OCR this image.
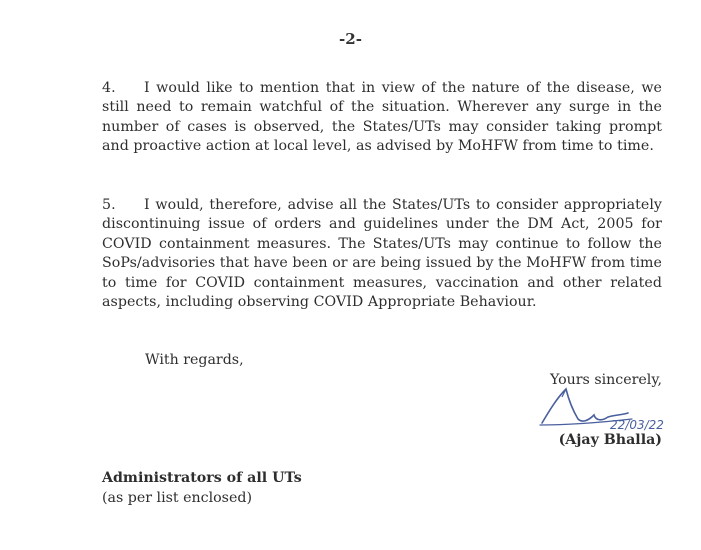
-2-
4. I would like to mention that in view of the nature of the disease, we still need to remain watchful of the situation. Wherever any surge in the number of cases is observed, the States/UTs may consider taking prompt and proactive action at local level, as advised by MoHFW from time to time.
5. I would, therefore, advise all the States/UTs to consider appropriately discontinuing issue of orders and guidelines under the DM Act, 2005 for COVID containment measures. The States/UTs may continue to follow the SoPs/advisories that have been or are being issued by the MoHFW from time to time for COVID containment measures, vaccination and other related aspects, including observing COVID Appropriate Behaviour.
With regards,
Yours sincerely,
22/03/22
(Ajay Bhalla)
Administrators of all UTs
(as per list enclosed)
